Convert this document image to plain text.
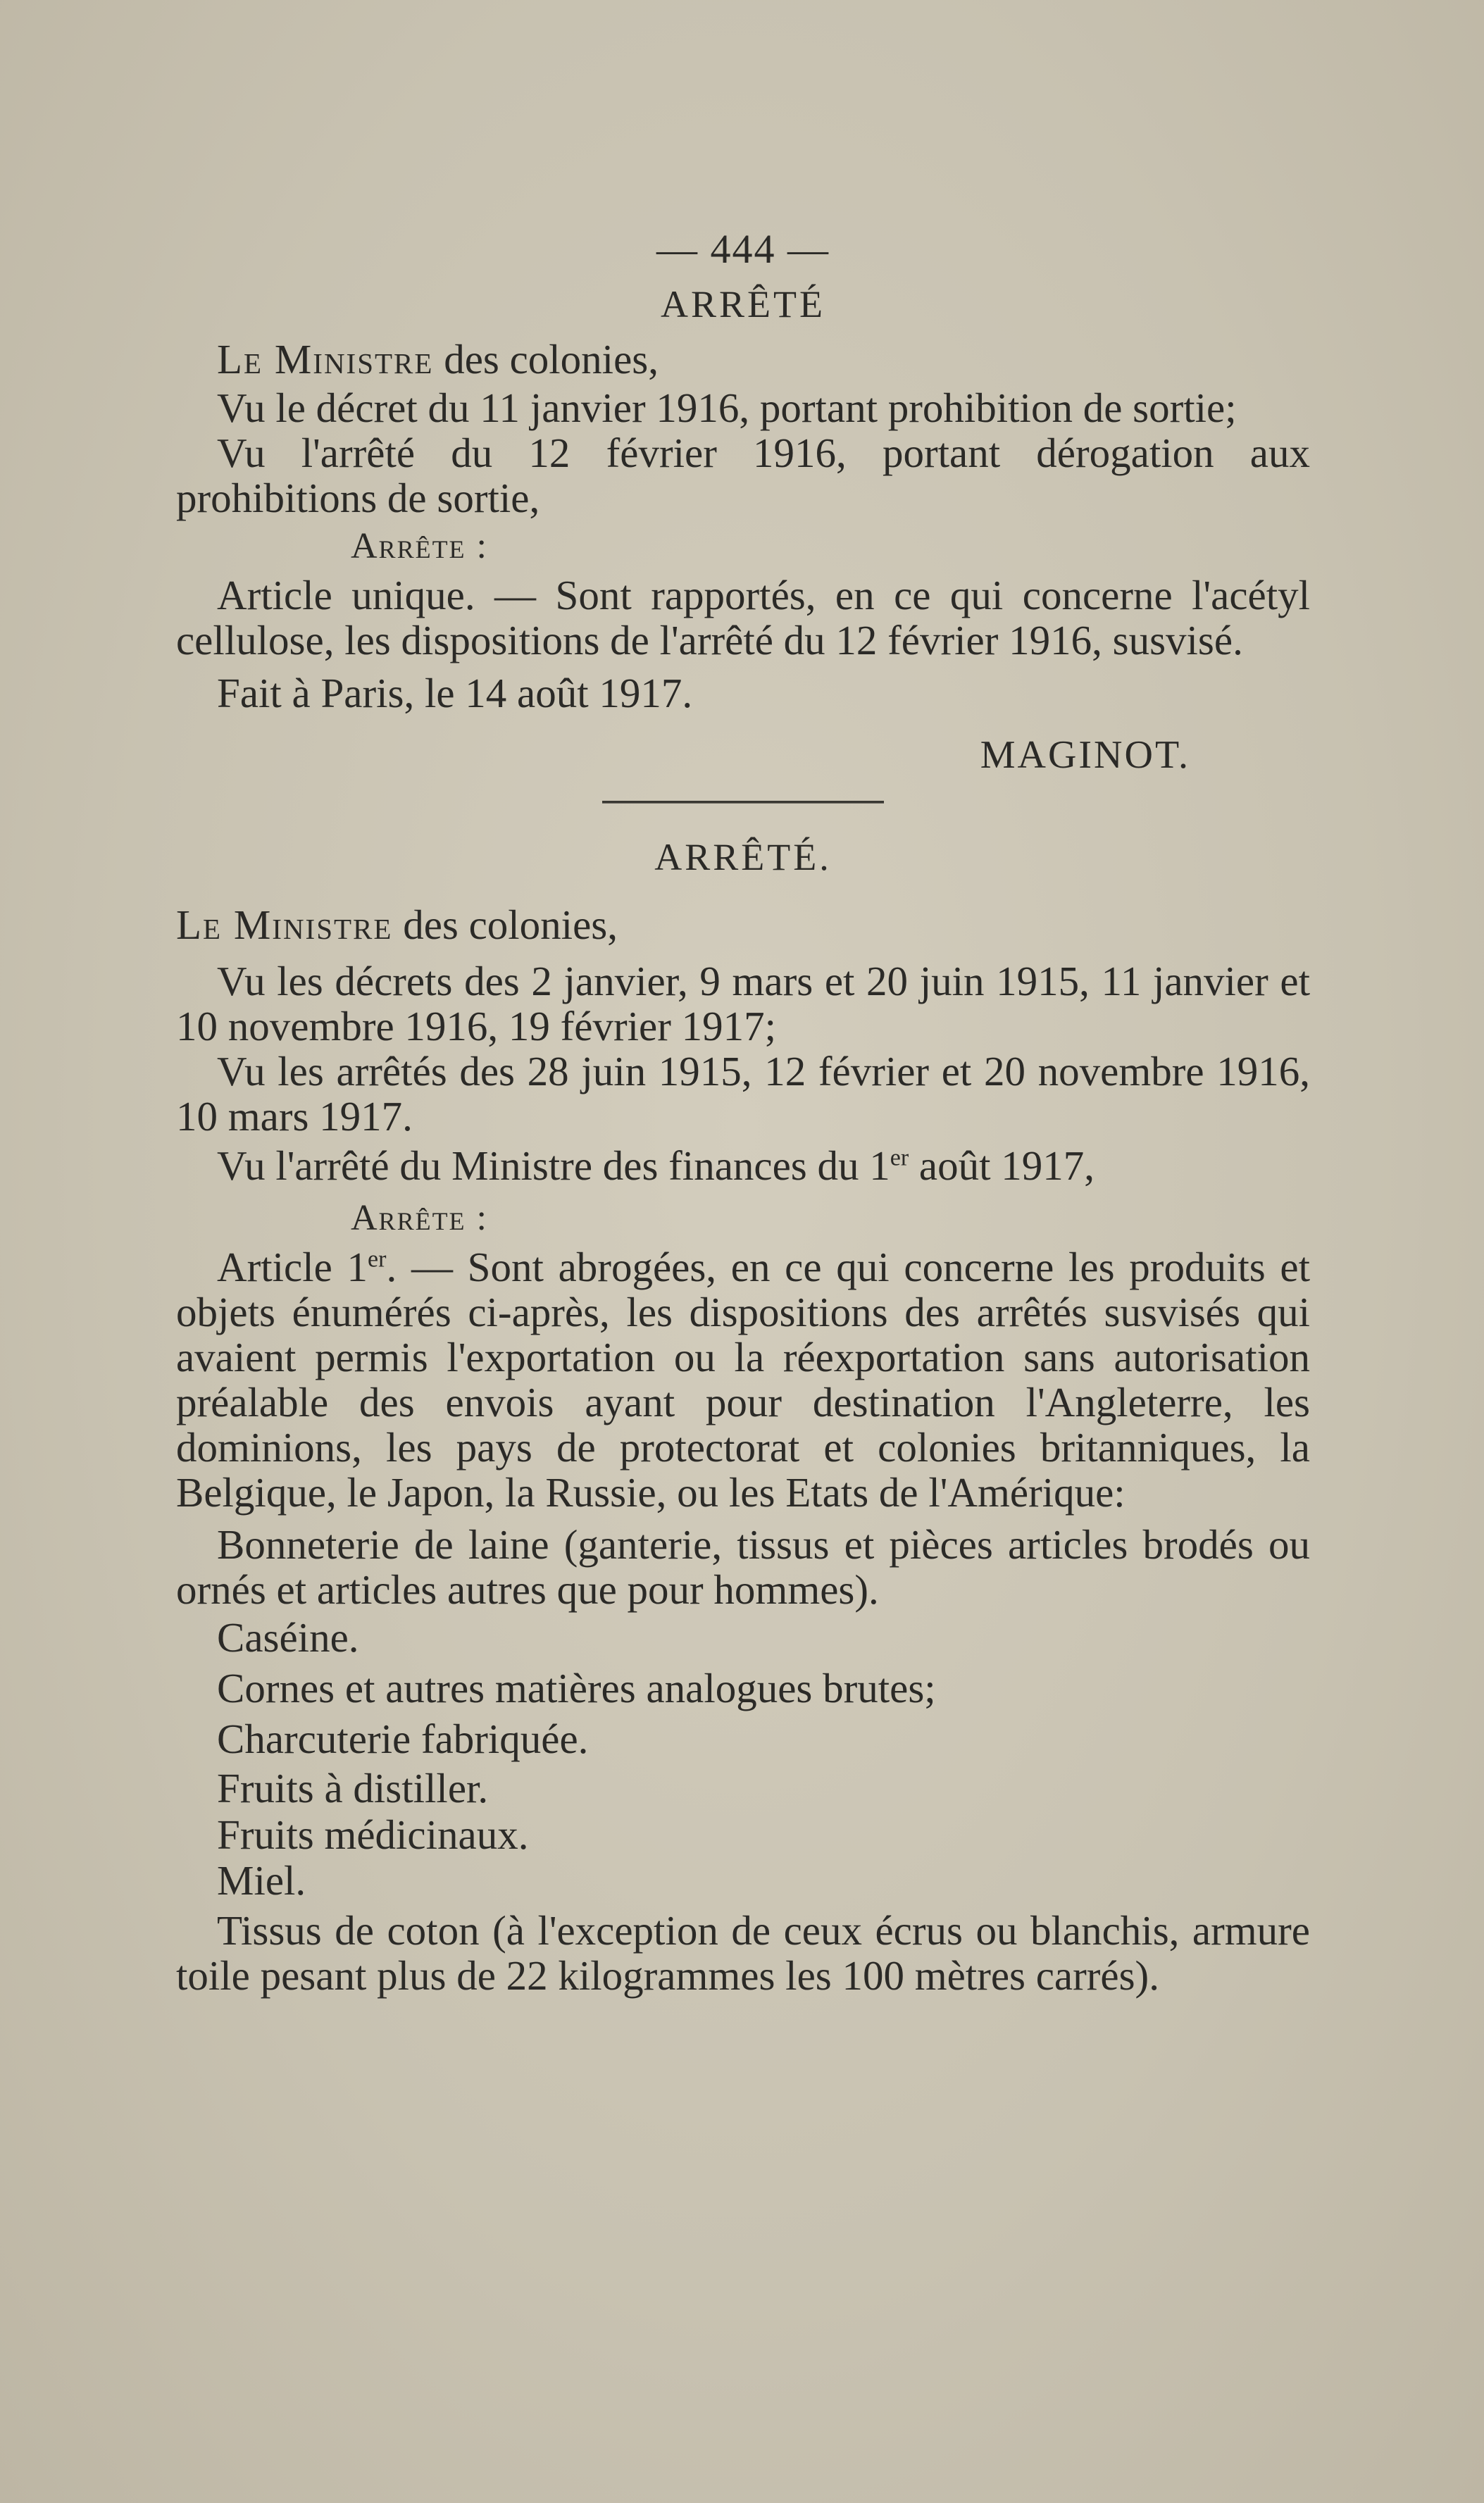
— 444 —
ARRÊTÉ

Le Ministre des colonies,

Vu le décret du 11 janvier 1916, portant prohibition de sortie;

Vu l'arrêté du 12 février 1916, portant dérogation aux prohibitions de sortie,

Arrête :

Article unique. — Sont rapportés, en ce qui concerne l'acétyl cellulose, les dispositions de l'arrêté du 12 février 1916, susvisé.

Fait à Paris, le 14 août 1917.

MAGINOT.
ARRÊTÉ.

Le Ministre des colonies,

Vu les décrets des 2 janvier, 9 mars et 20 juin 1915, 11 janvier et 10 novembre 1916, 19 février 1917;

Vu les arrêtés des 28 juin 1915, 12 février et 20 novembre 1916, 10 mars 1917.

Vu l'arrêté du Ministre des finances du 1er août 1917,

Arrête :

Article 1er. — Sont abrogées, en ce qui concerne les produits et objets énumérés ci-après, les dispositions des arrêtés susvisés qui avaient permis l'exportation ou la réexportation sans autorisation préalable des envois ayant pour destination l'Angleterre, les dominions, les pays de protectorat et colonies britanniques, la Belgique, le Japon, la Russie, ou les Etats de l'Amérique:

Bonneterie de laine (ganterie, tissus et pièces articles brodés ou ornés et articles autres que pour hommes).

Caséine.

Cornes et autres matières analogues brutes;

Charcuterie fabriquée.

Fruits à distiller.

Fruits médicinaux.

Miel.

Tissus de coton (à l'exception de ceux écrus ou blanchis, armure toile pesant plus de 22 kilogrammes les 100 mètres carrés).
